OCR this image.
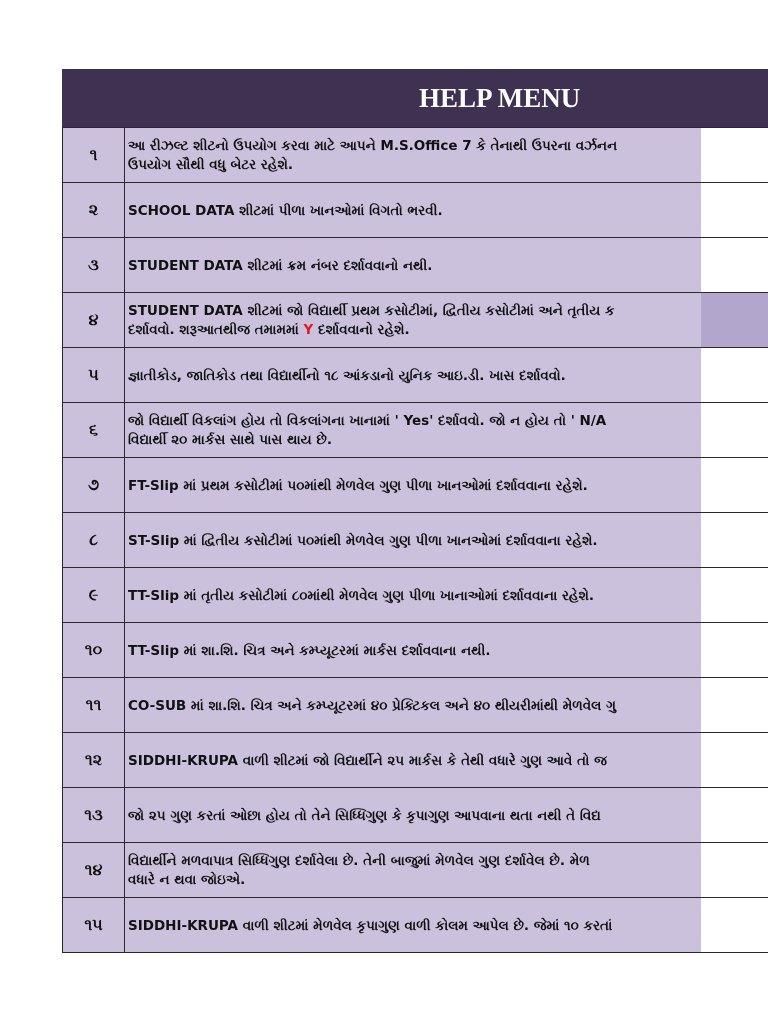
HELP MENU
૧	આ રીઝલ્ટ શીટનો ઉપયોગ કરવા માટે આપને M.S.Office 7 કે તેનાથી ઉપરના વર્ઝનન
ઉપયોગ સૌથી વધુ બેટર રહેશે.
૨	SCHOOL DATA શીટમાં પીળા ખાનઓમાં વિગતો ભરવી.
૩	STUDENT DATA શીટમાં ક્રમ નંબર દર્શાવવાનો નથી.
૪	STUDENT DATA શીટમાં જો વિદ્યાર્થી પ્રથમ કસોટીમાં, દ્વિતીય કસોટીમાં અને તૃતીય ક
દર્શાવવો. શરૂઆતથીજ તમામમાં Y દર્શાવવાનો રહેશે.
૫	જ્ઞાતીકોડ, જાતિકોડ તથા વિદ્યાર્થીનો ૧૮ આંકડાનો યુનિક આઇ.ડી. ખાસ દર્શાવવો.
૬	જો વિદ્યાર્થી વિકલાંગ હોય તો વિકલાંગના ખાનામાં ' Yes' દર્શાવવો. જો ન હોય તો ' N/A
વિદ્યાર્થી ૨૦ માર્કસ સાથે પાસ થાય છે.
૭	FT-Slip માં પ્રથમ કસોટીમાં ૫૦માંથી મેળવેલ ગુણ પીળા ખાનઓમાં દર્શાવવાના રહેશે.
૮	ST-Slip માં દ્વિતીય કસોટીમાં ૫૦માંથી મેળવેલ ગુણ પીળા ખાનઓમાં દર્શાવવાના રહેશે.
૯	TT-Slip માં તૃતીય કસોટીમાં ૮૦માંથી મેળવેલ ગુણ પીળા ખાનાઓમાં દર્શાવવાના રહેશે.
૧૦	TT-Slip માં શા.શિ. ચિત્ર અને કમ્પ્યૂટરમાં માર્કસ દર્શાવવાના નથી.
૧૧	CO-SUB માં શા.શિ. ચિત્ર અને કમ્પ્યૂટરમાં ૪૦ પ્રેક્ટિકલ અને ૪૦ થીયરીમાંથી મેળવેલ ગુ
૧૨	SIDDHI-KRUPA વાળી શીટમાં જો વિદ્યાર્થીને ૨૫ માર્કસ કે તેથી વધારે ગુણ આવે તો જ
૧૩	જો ૨૫ ગુણ કરતાં ઓછા હોય તો તેને સિધ્ધિગુણ કે કૃપાગુણ આપવાના થતા નથી તે વિદ્ય
૧૪	વિદ્યાર્થીને મળવાપાત્ર સિધ્ધિગુણ દર્શાવેલા છે. તેની બાજુમાં મેળવેલ ગુણ દર્શાવેલ છે. મેળ
વધારે ન થવા જોઇએ.
૧૫	SIDDHI-KRUPA વાળી શીટમાં મેળવેલ કૃપાગુણ વાળી કોલમ આપેલ છે. જેમાં ૧૦ કરતાં
